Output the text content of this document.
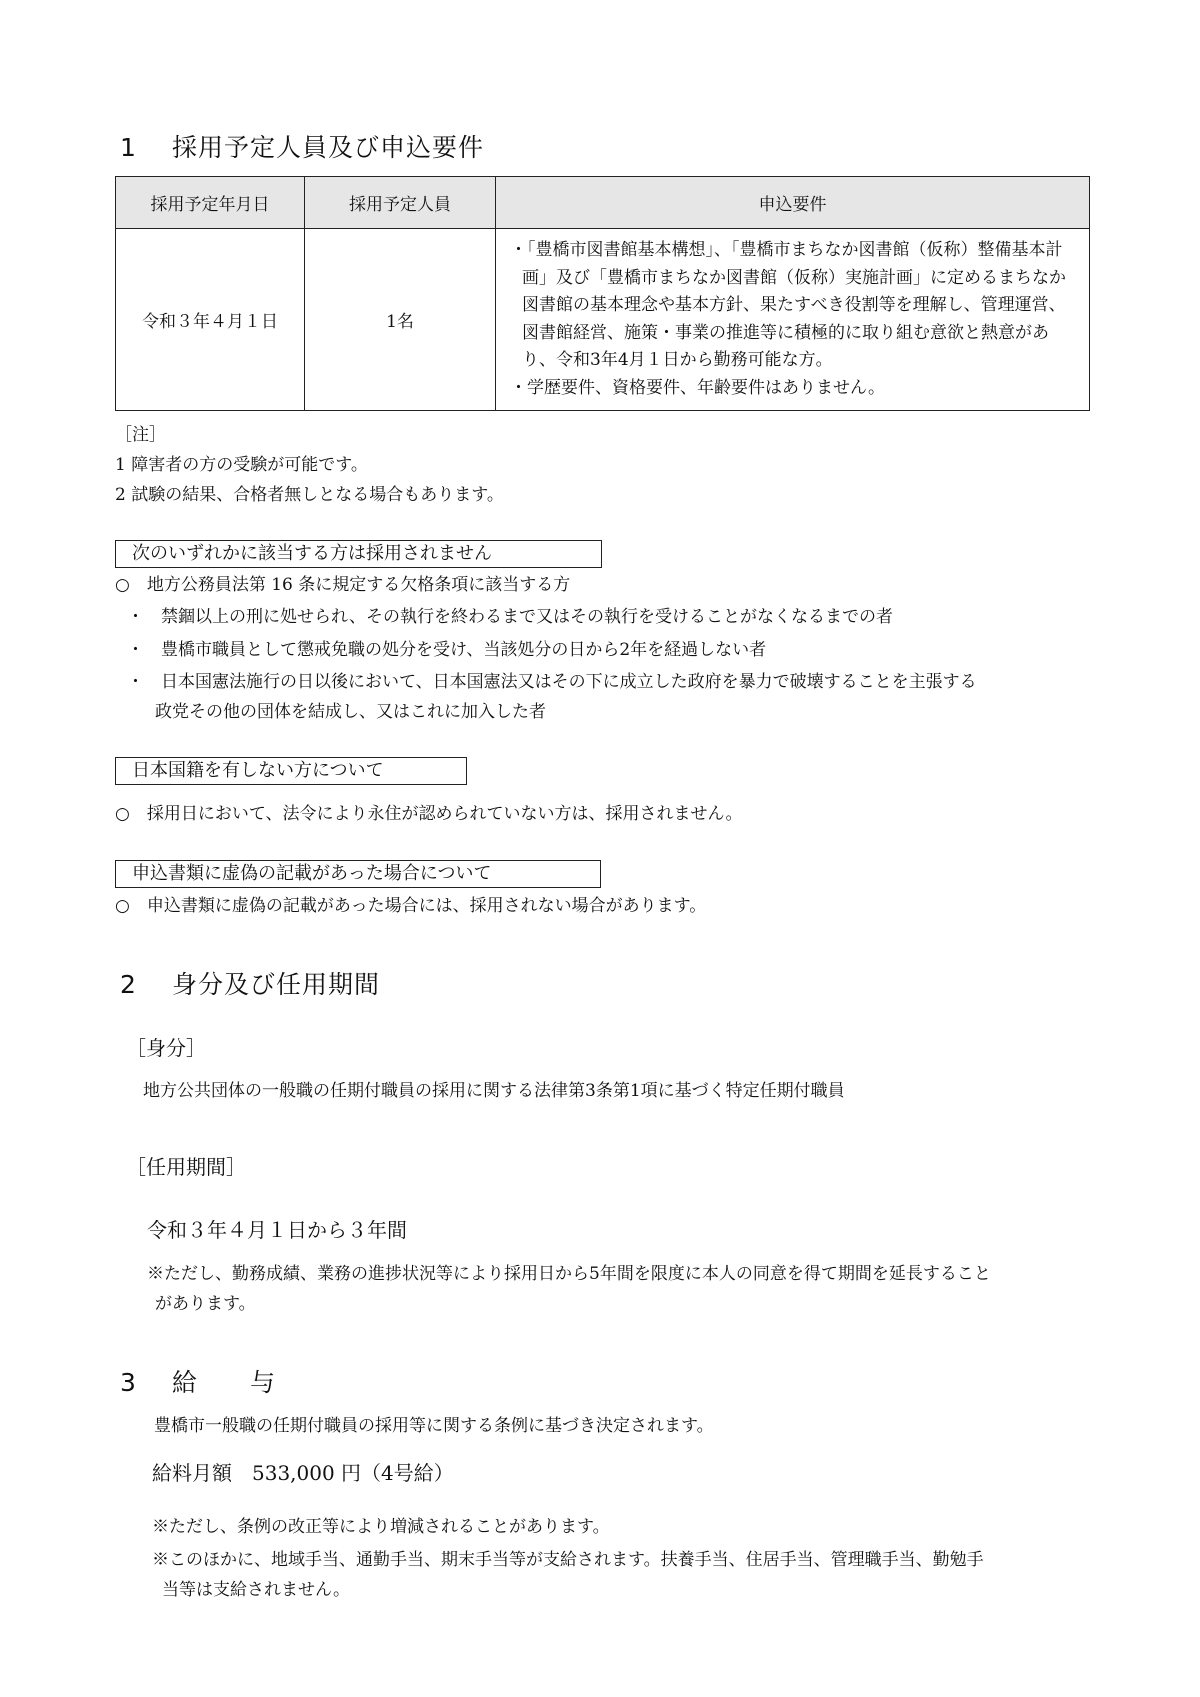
1 採用予定人員及び申込要件
採用予定年月日	採用予定人員	申込要件
令和３年４月１日	1名	・「豊橋市図書館基本構想」、「豊橋市まちなか図書館（仮称）整備基本計画」及び「豊橋市まちなか図書館（仮称）実施計画」に定めるまちなか図書館の基本理念や基本方針、果たすべき役割等を理解し、管理運営、図書館経営、施策・事業の推進等に積極的に取り組む意欲と熱意があり、令和3年4月１日から勤務可能な方。
・学歴要件、資格要件、年齢要件はありません。
［注］
1 障害者の方の受験が可能です。
2 試験の結果、合格者無しとなる場合もあります。
次のいずれかに該当する方は採用されません
○　地方公務員法第 16 条に規定する欠格条項に該当する方
・　禁錮以上の刑に処せられ、その執行を終わるまで又はその執行を受けることがなくなるまでの者
・　豊橋市職員として懲戒免職の処分を受け、当該処分の日から2年を経過しない者
・　日本国憲法施行の日以後において、日本国憲法又はその下に成立した政府を暴力で破壊することを主張する
政党その他の団体を結成し、又はこれに加入した者
日本国籍を有しない方について
○　採用日において、法令により永住が認められていない方は、採用されません。
申込書類に虚偽の記載があった場合について
○　申込書類に虚偽の記載があった場合には、採用されない場合があります。
2 身分及び任用期間
［身分］
地方公共団体の一般職の任期付職員の採用に関する法律第3条第1項に基づく特定任期付職員
［任用期間］
令和３年４月１日から３年間
※ただし、勤務成績、業務の進捗状況等により採用日から5年間を限度に本人の同意を得て期間を延長すること
があります。
3 給　　与
豊橋市一般職の任期付職員の採用等に関する条例に基づき決定されます。
給料月額　533,000 円（4号給）
※ただし、条例の改正等により増減されることがあります。
※このほかに、地域手当、通勤手当、期末手当等が支給されます。扶養手当、住居手当、管理職手当、勤勉手
当等は支給されません。
